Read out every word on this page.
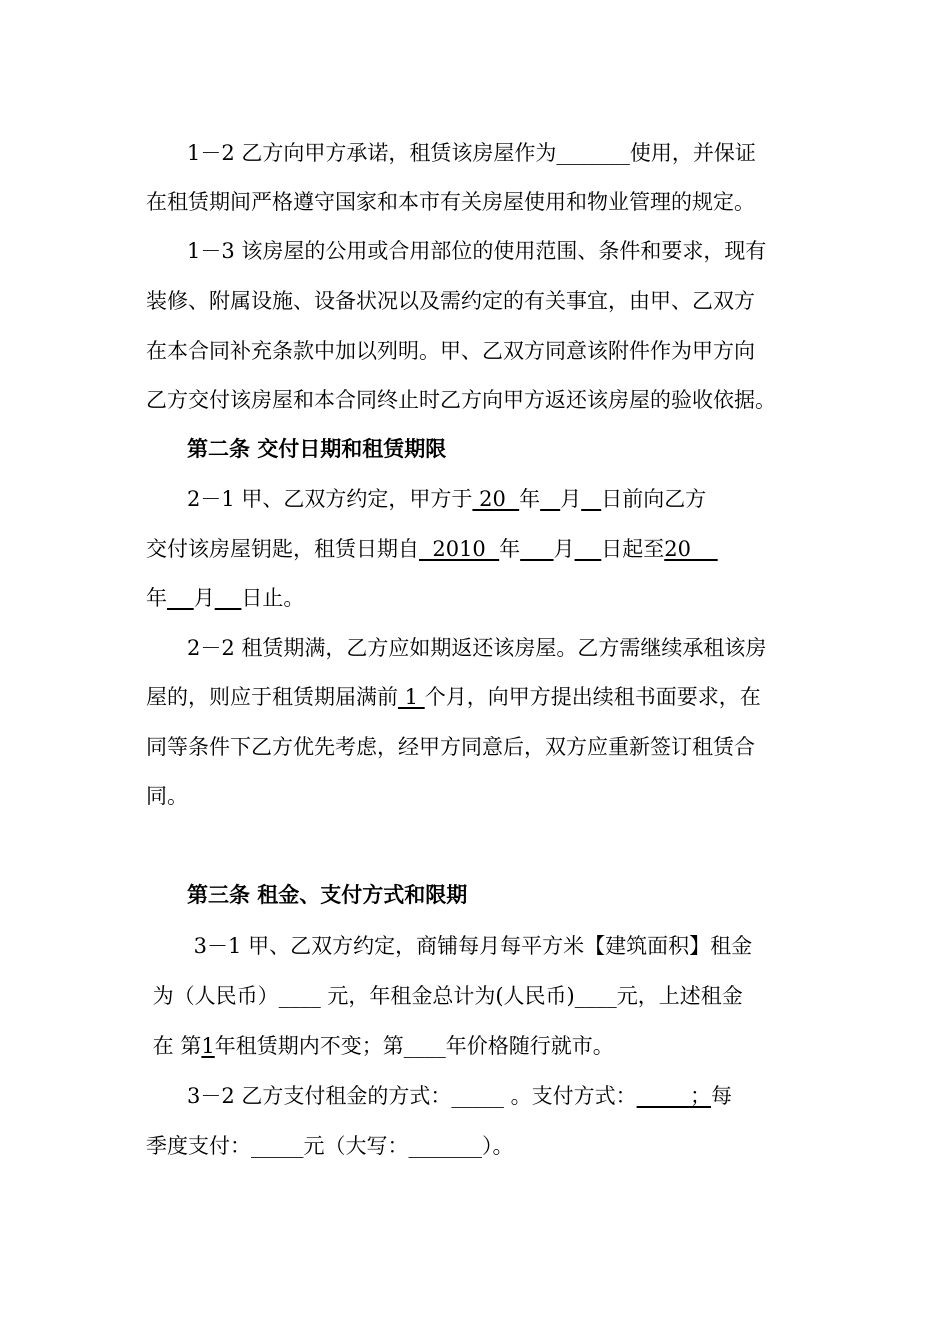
1－2 乙方向甲方承诺，租赁该房屋作为_______使用，并保证
在租赁期间严格遵守国家和本市有关房屋使用和物业管理的规定。
1－3 该房屋的公用或合用部位的使用范围、条件和要求，现有
装修、附属设施、设备状况以及需约定的有关事宜，由甲、乙双方
在本合同补充条款中加以列明。甲、乙双方同意该附件作为甲方向
乙方交付该房屋和本合同终止时乙方向甲方返还该房屋的验收依据。
第二条 交付日期和租赁期限
2－1 甲、乙双方约定，甲方于 20  年 月 日前向乙方
交付该房屋钥匙，租赁日期自  2010  年 月 日起至20
年 月 日止。
2－2 租赁期满，乙方应如期返还该房屋。乙方需继续承租该房
屋的，则应于租赁期届满前 1 个月，向甲方提出续租书面要求，在
同等条件下乙方优先考虑，经甲方同意后，双方应重新签订租赁合
同。
第三条 租金、支付方式和限期
3－1 甲、乙双方约定，商铺每月每平方米【建筑面积】租金
为（人民币）____ 元，年租金总计为(人民币)____元，上述租金
在 第1年租赁期内不变；第____年价格随行就市。
3－2 乙方支付租金的方式：_____ 。支付方式：        ；每
季度支付：_____元（大写：_______）。
